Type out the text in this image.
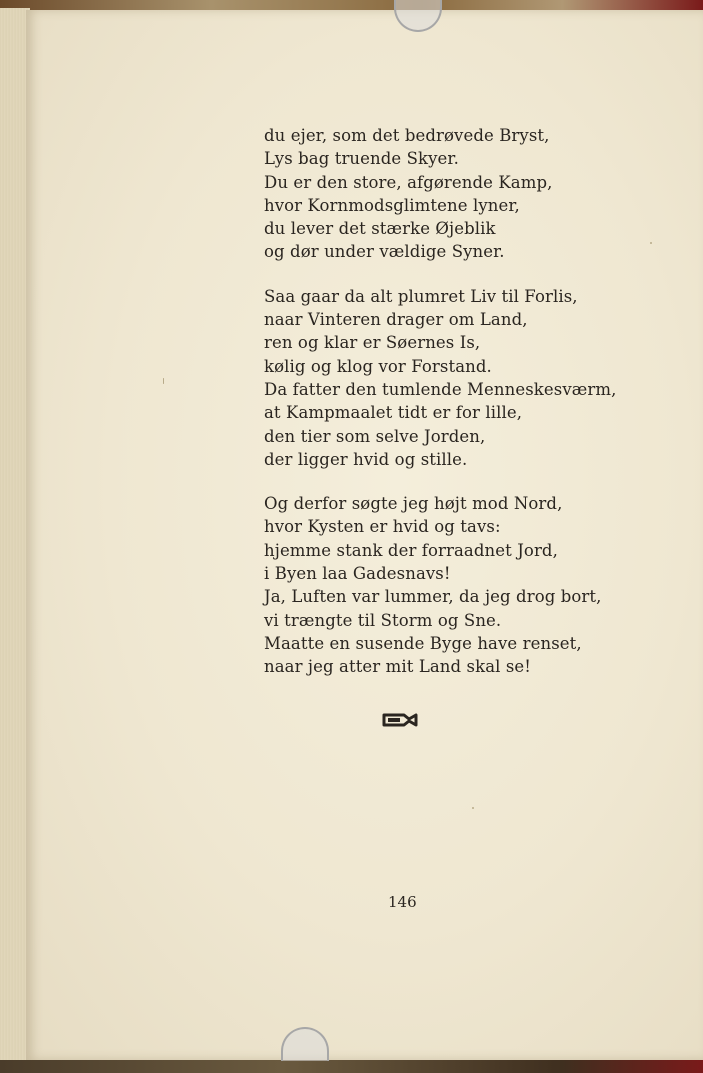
du ejer, som det bedrøvede Bryst,
Lys bag truende Skyer.
Du er den store, afgørende Kamp,
hvor Kornmodsglimtene lyner,
du lever det stærke Øjeblik
og dør under vældige Syner.
Saa gaar da alt plumret Liv til Forlis,
naar Vinteren drager om Land,
ren og klar er Søernes Is,
kølig og klog vor Forstand.
Da fatter den tumlende Menneskesværm,
at Kampmaalet tidt er for lille,
den tier som selve Jorden,
der ligger hvid og stille.
Og derfor søgte jeg højt mod Nord,
hvor Kysten er hvid og tavs:
hjemme stank der forraadnet Jord,
i Byen laa Gadesnavs!
Ja, Luften var lummer, da jeg drog bort,
vi trængte til Storm og Sne.
Maatte en susende Byge have renset,
naar jeg atter mit Land skal se!
146
